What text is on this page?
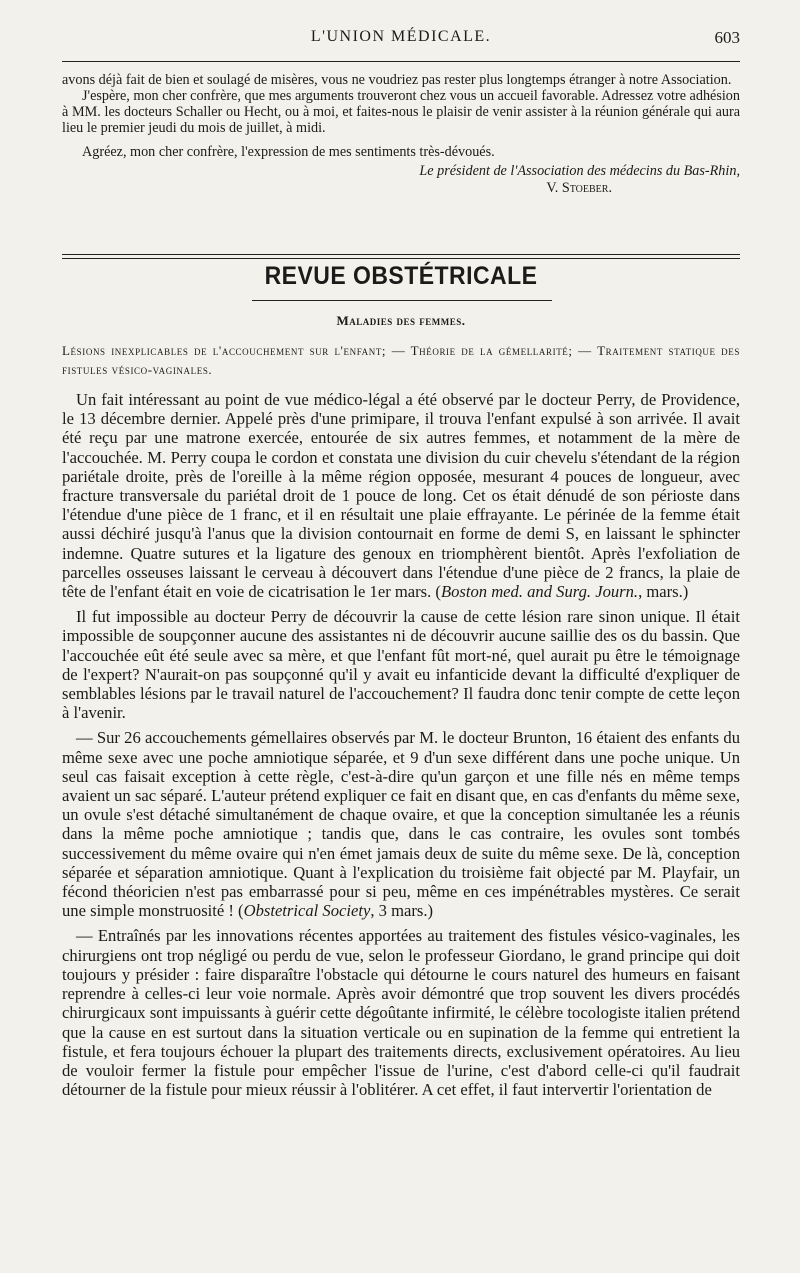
L'UNION MÉDICALE.	603

avons déjà fait de bien et soulagé de misères, vous ne voudriez pas rester plus longtemps étranger à notre Association.

J'espère, mon cher confrère, que mes arguments trouveront chez vous un accueil favorable. Adressez votre adhésion à MM. les docteurs Schaller ou Hecht, ou à moi, et faites-nous le plaisir de venir assister à la réunion générale qui aura lieu le premier jeudi du mois de juillet, à midi.

Agréez, mon cher confrère, l'expression de mes sentiments très-dévoués.

Le président de l'Association des médecins du Bas-Rhin,
V. Stoeber.
REVUE OBSTÉTRICALE
Maladies des femmes.
Lésions inexplicables de l'accouchement sur l'enfant; — Théorie de la gémellarité; — Traitement statique des fistules vésico-vaginales.

Un fait intéressant au point de vue médico-légal a été observé par le docteur Perry, de Providence, le 13 décembre dernier. Appelé près d'une primipare, il trouva l'enfant expulsé à son arrivée. Il avait été reçu par une matrone exercée, entourée de six autres femmes, et notamment de la mère de l'accouchée. M. Perry coupa le cordon et constata une division du cuir chevelu s'étendant de la région pariétale droite, près de l'oreille à la même région opposée, mesurant 4 pouces de longueur, avec fracture transversale du pariétal droit de 1 pouce de long. Cet os était dénudé de son périoste dans l'étendue d'une pièce de 1 franc, et il en résultait une plaie effrayante. Le périnée de la femme était aussi déchiré jusqu'à l'anus que la division contournait en forme de demi S, en laissant le sphincter indemne. Quatre sutures et la ligature des genoux en triomphèrent bientôt. Après l'exfoliation de parcelles osseuses laissant le cerveau à découvert dans l'étendue d'une pièce de 2 francs, la plaie de tête de l'enfant était en voie de cicatrisation le 1er mars. (Boston med. and Surg. Journ., mars.)

Il fut impossible au docteur Perry de découvrir la cause de cette lésion rare sinon unique. Il était impossible de soupçonner aucune des assistantes ni de découvrir aucune saillie des os du bassin. Que l'accouchée eût été seule avec sa mère, et que l'enfant fût mort-né, quel aurait pu être le témoignage de l'expert? N'aurait-on pas soupçonné qu'il y avait eu infanticide devant la difficulté d'expliquer de semblables lésions par le travail naturel de l'accouchement? Il faudra donc tenir compte de cette leçon à l'avenir.

— Sur 26 accouchements gémellaires observés par M. le docteur Brunton, 16 étaient des enfants du même sexe avec une poche amniotique séparée, et 9 d'un sexe différent dans une poche unique. Un seul cas faisait exception à cette règle, c'est-à-dire qu'un garçon et une fille nés en même temps avaient un sac séparé. L'auteur prétend expliquer ce fait en disant que, en cas d'enfants du même sexe, un ovule s'est détaché simultanément de chaque ovaire, et que la conception simultanée les a réunis dans la même poche amniotique ; tandis que, dans le cas contraire, les ovules sont tombés successivement du même ovaire qui n'en émet jamais deux de suite du même sexe. De là, conception séparée et séparation amniotique. Quant à l'explication du troisième fait objecté par M. Playfair, un fécond théoricien n'est pas embarrassé pour si peu, même en ces impénétrables mystères. Ce serait une simple monstruosité ! (Obstetrical Society, 3 mars.)

— Entraînés par les innovations récentes apportées au traitement des fistules vésico-vaginales, les chirurgiens ont trop négligé ou perdu de vue, selon le professeur Giordano, le grand principe qui doit toujours y présider : faire disparaître l'obstacle qui détourne le cours naturel des humeurs en faisant reprendre à celles-ci leur voie normale. Après avoir démontré que trop souvent les divers procédés chirurgicaux sont impuissants à guérir cette dégoûtante infirmité, le célèbre tocologiste italien prétend que la cause en est surtout dans la situation verticale ou en supination de la femme qui entretient la fistule, et fera toujours échouer la plupart des traitements directs, exclusivement opératoires. Au lieu de vouloir fermer la fistule pour empêcher l'issue de l'urine, c'est d'abord celle-ci qu'il faudrait détourner de la fistule pour mieux réussir à l'oblitérer. A cet effet, il faut intervertir l'orientation de
